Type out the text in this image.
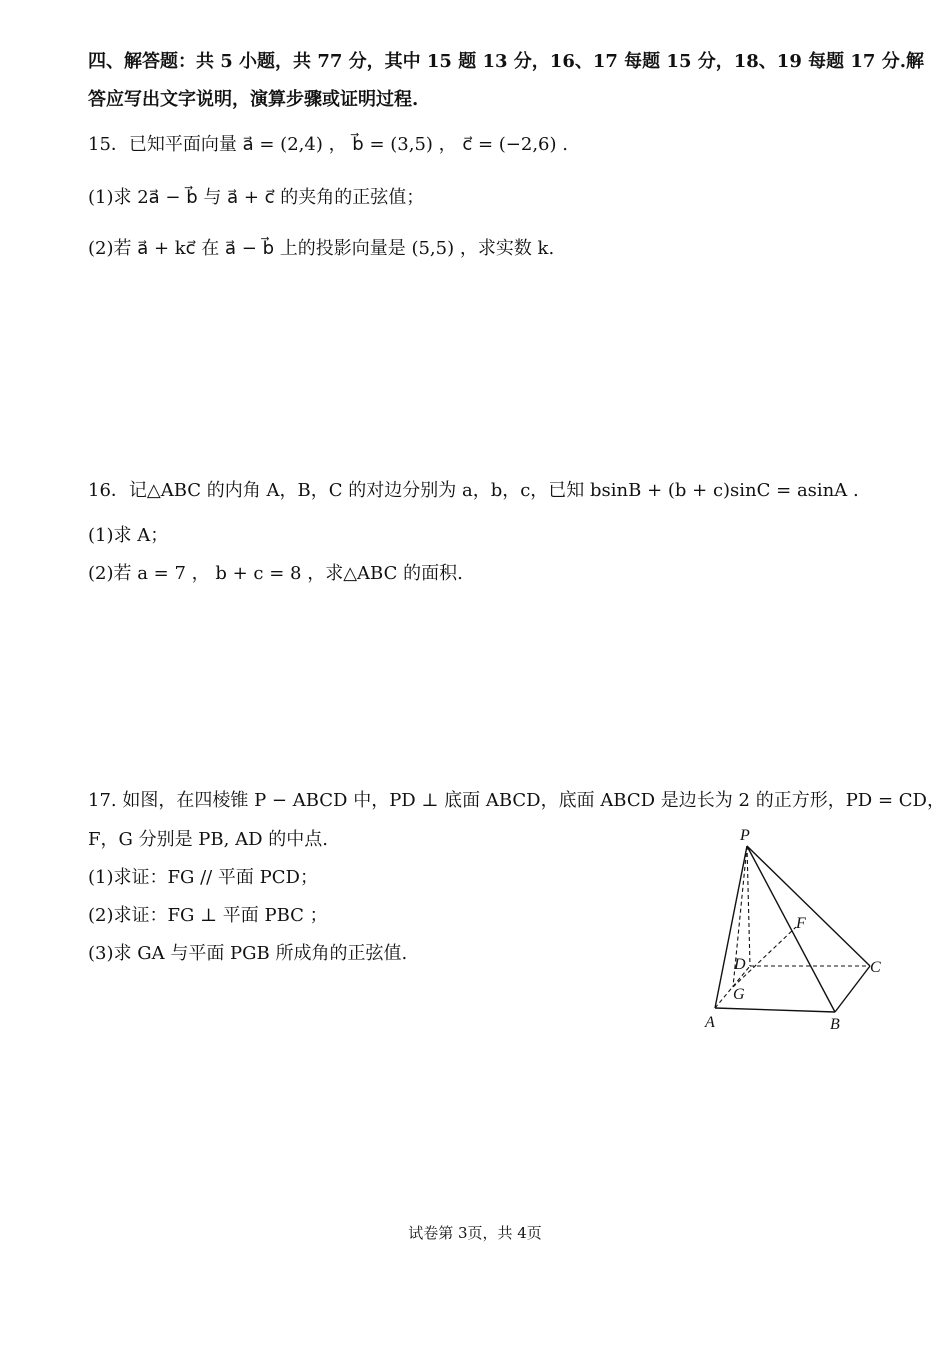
四、解答题：共 5 小题，共 77 分，其中 15 题 13 分，16、17 每题 15 分，18、19 每题 17 分.解
答应写出文字说明，演算步骤或证明过程.
15．已知平面向量 a⃗ = (2,4) ， b⃗ = (3,5) ， c⃗ = (−2,6) .
(1)求 2a⃗ − b⃗ 与 a⃗ + c⃗ 的夹角的正弦值；
(2)若 a⃗ + kc⃗ 在 a⃗ − b⃗ 上的投影向量是 (5,5) ，求实数 k.
16．记△ABC 的内角 A，B，C 的对边分别为 a，b，c，已知 bsinB + (b + c)sinC = asinA .
(1)求 A；
(2)若 a = 7 ， b + c = 8 ，求△ABC 的面积.
17. 如图，在四棱锥 P − ABCD 中，PD ⊥ 底面 ABCD，底面 ABCD 是边长为 2 的正方形，PD = CD，
F，G 分别是 PB, AD 的中点.
(1)求证：FG // 平面 PCD；
(2)求证：FG ⊥ 平面 PBC ；
(3)求 GA 与平面 PGB 所成角的正弦值.
P
F
D	C
G
A	B
试卷第 3页，共 4页
